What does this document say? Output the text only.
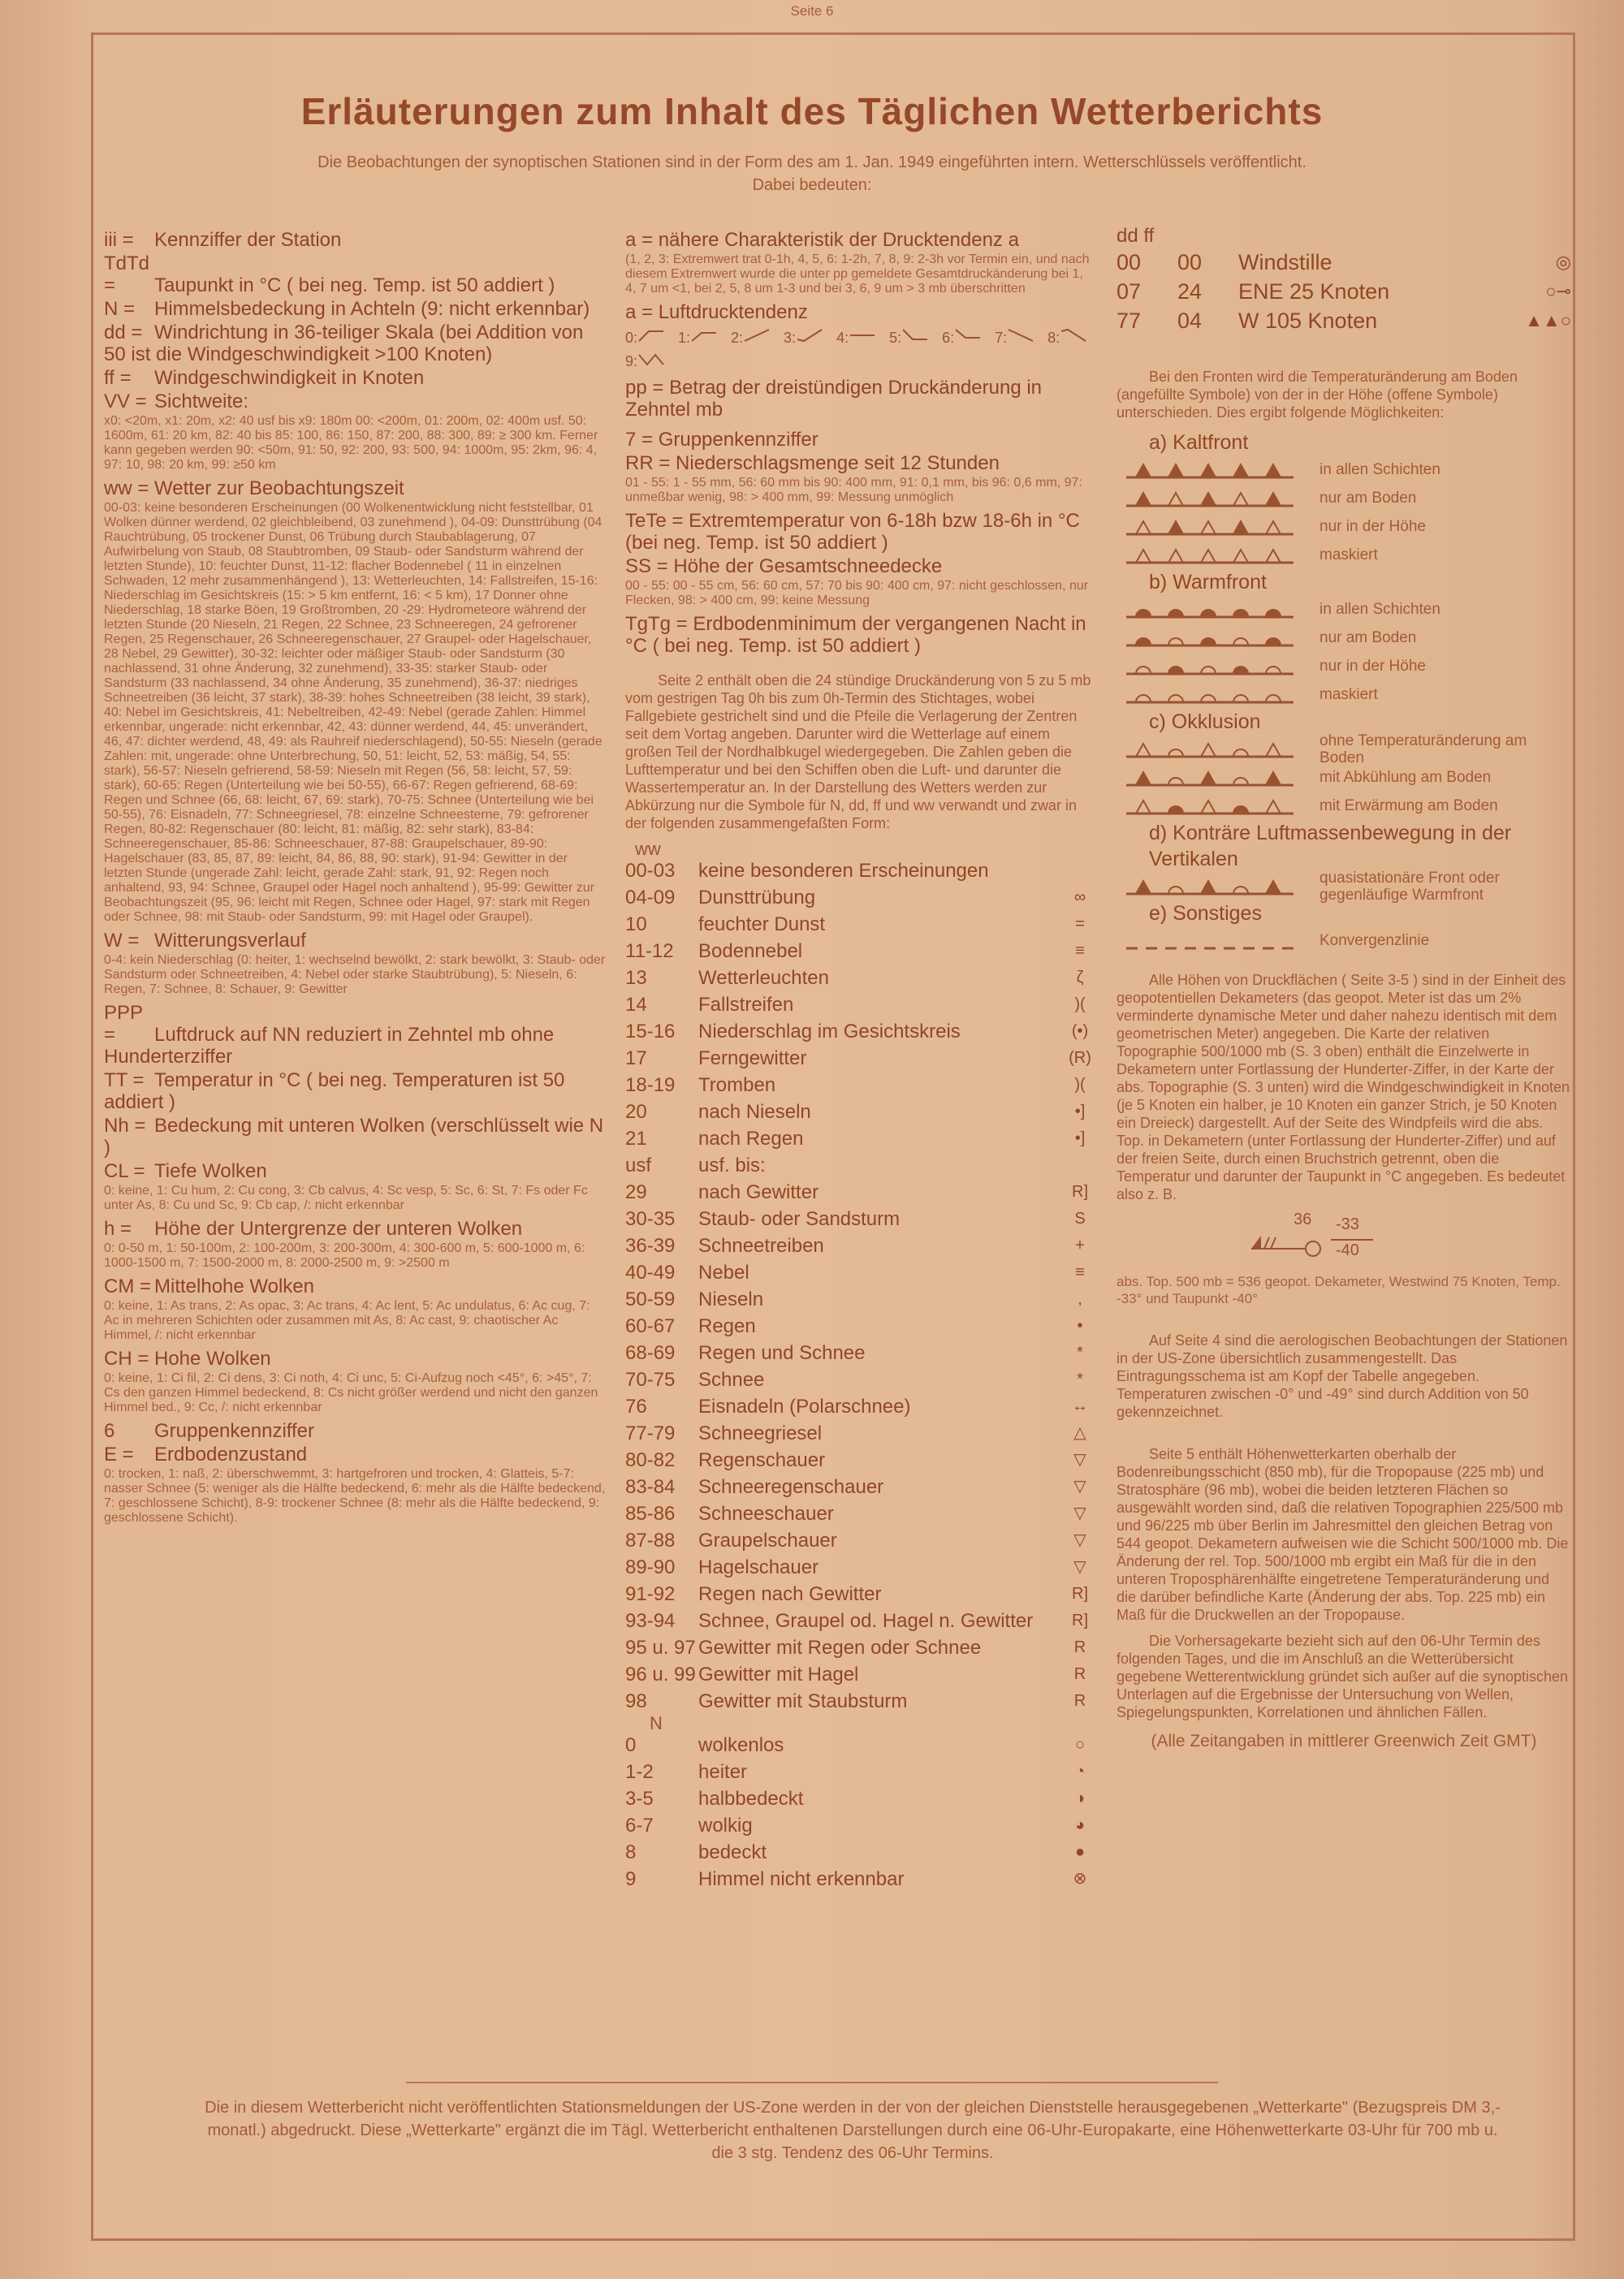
Seite 6
Erläuterungen zum Inhalt des Täglichen Wetterberichts
Die Beobachtungen der synoptischen Stationen sind in der Form des am 1. Jan. 1949 eingeführten intern. Wetterschlüssels veröffentlicht.
Dabei bedeuten:
iii = Kennziffer der Station
TdTd = Taupunkt in °C ( bei neg. Temp. ist 50 addiert )
N = Himmelsbedeckung in Achteln (9: nicht erkennbar)
dd = Windrichtung in 36-teiliger Skala (bei Addition von 50 ist die Windgeschwindigkeit >100 Knoten)
ff = Windgeschwindigkeit in Knoten
VV = Sichtweite:
x0: <20m, x1: 20m, x2: 40 usf bis x9: 180m 00: <200m, 01: 200m, 02: 400m usf. 50: 1600m, 61: 20 km, 82: 40 bis 85: 100, 86: 150, 87: 200, 88: 300, 89: ≥ 300 km. Ferner kann gegeben werden 90: <50m, 91: 50, 92: 200, 93: 500, 94: 1000m, 95: 2km, 96: 4, 97: 10, 98: 20 km, 99: ≥50 km
ww = Wetter zur Beobachtungszeit
00-03: keine besonderen Erscheinungen (00 Wolkenentwicklung nicht feststellbar, 01 Wolken dünner werdend, 02 gleichbleibend, 03 zunehmend ), 04-09: Dunsttrübung (04 Rauchtrübung, 05 trockener Dunst, 06 Trübung durch Staubablagerung, 07 Aufwirbelung von Staub, 08 Staubtromben, 09 Staub- oder Sandsturm während der letzten Stunde), 10: feuchter Dunst, 11-12: flacher Bodennebel ( 11 in einzelnen Schwaden, 12 mehr zusammenhängend ), 13: Wetterleuchten, 14: Fallstreifen, 15-16: Niederschlag im Gesichtskreis (15: > 5 km entfernt, 16: < 5 km), 17 Donner ohne Niederschlag, 18 starke Böen, 19 Großtromben, 20 -29: Hydrometeore während der letzten Stunde (20 Nieseln, 21 Regen, 22 Schnee, 23 Schneeregen, 24 gefrorener Regen, 25 Regenschauer, 26 Schneeregenschauer, 27 Graupel- oder Hagelschauer, 28 Nebel, 29 Gewitter), 30-32: leichter oder mäßiger Staub- oder Sandsturm (30 nachlassend, 31 ohne Änderung, 32 zunehmend), 33-35: starker Staub- oder Sandsturm (33 nachlassend, 34 ohne Änderung, 35 zunehmend), 36-37: niedriges Schneetreiben (36 leicht, 37 stark), 38-39: hohes Schneetreiben (38 leicht, 39 stark), 40: Nebel im Gesichtskreis, 41: Nebeltreiben, 42-49: Nebel (gerade Zahlen: Himmel erkennbar, ungerade: nicht erkennbar, 42, 43: dünner werdend, 44, 45: unverändert, 46, 47: dichter werdend, 48, 49: als Rauhreif niederschlagend), 50-55: Nieseln (gerade Zahlen: mit, ungerade: ohne Unterbrechung, 50, 51: leicht, 52, 53: mäßig, 54, 55: stark), 56-57: Nieseln gefrierend, 58-59: Nieseln mit Regen (56, 58: leicht, 57, 59: stark), 60-65: Regen (Unterteilung wie bei 50-55), 66-67: Regen gefrierend, 68-69: Regen und Schnee (66, 68: leicht, 67, 69: stark), 70-75: Schnee (Unterteilung wie bei 50-55), 76: Eisnadeln, 77: Schneegriesel, 78: einzelne Schneesterne, 79: gefrorener Regen, 80-82: Regenschauer (80: leicht, 81: mäßig, 82: sehr stark), 83-84: Schneeregenschauer, 85-86: Schneeschauer, 87-88: Graupelschauer, 89-90: Hagelschauer (83, 85, 87, 89: leicht, 84, 86, 88, 90: stark), 91-94: Gewitter in der letzten Stunde (ungerade Zahl: leicht, gerade Zahl: stark, 91, 92: Regen noch anhaltend, 93, 94: Schnee, Graupel oder Hagel noch anhaltend ), 95-99: Gewitter zur Beobachtungszeit (95, 96: leicht mit Regen, Schnee oder Hagel, 97: stark mit Regen oder Schnee, 98: mit Staub- oder Sandsturm, 99: mit Hagel oder Graupel).
W = Witterungsverlauf
0-4: kein Niederschlag (0: heiter, 1: wechselnd bewölkt, 2: stark bewölkt, 3: Staub- oder Sandsturm oder Schneetreiben, 4: Nebel oder starke Staubtrübung), 5: Nieseln, 6: Regen, 7: Schnee, 8: Schauer, 9: Gewitter
PPP = Luftdruck auf NN reduziert in Zehntel mb ohne Hunderterziffer
TT = Temperatur in °C ( bei neg. Temperaturen ist 50 addiert )
Nh = Bedeckung mit unteren Wolken (verschlüsselt wie N )
CL = Tiefe Wolken
0: keine, 1: Cu hum, 2: Cu cong, 3: Cb calvus, 4: Sc vesp, 5: Sc, 6: St, 7: Fs oder Fc unter As, 8: Cu und Sc, 9: Cb cap, /: nicht erkennbar
h = Höhe der Untergrenze der unteren Wolken
0: 0-50 m, 1: 50-100m, 2: 100-200m, 3: 200-300m, 4: 300-600 m, 5: 600-1000 m, 6: 1000-1500 m, 7: 1500-2000 m, 8: 2000-2500 m, 9: >2500 m
CM = Mittelhohe Wolken
0: keine, 1: As trans, 2: As opac, 3: Ac trans, 4: Ac lent, 5: Ac undulatus, 6: Ac cug, 7: Ac in mehreren Schichten oder zusammen mit As, 8: Ac cast, 9: chaotischer Ac Himmel, /: nicht erkennbar
CH = Hohe Wolken
0: keine, 1: Ci fil, 2: Ci dens, 3: Ci noth, 4: Ci unc, 5: Ci-Aufzug noch <45°, 6: >45°, 7: Cs den ganzen Himmel bedeckend, 8: Cs nicht größer werdend und nicht den ganzen Himmel bed., 9: Cc, /: nicht erkennbar
6 Gruppenkennziffer
E = Erdbodenzustand
0: trocken, 1: naß, 2: überschwemmt, 3: hartgefroren und trocken, 4: Glatteis, 5-7: nasser Schnee (5: weniger als die Hälfte bedeckend, 6: mehr als die Hälfte bedeckend, 7: geschlossene Schicht), 8-9: trockener Schnee (8: mehr als die Hälfte bedeckend, 9: geschlossene Schicht).
a = nähere Charakteristik der Drucktendenz a
(1, 2, 3: Extremwert trat 0-1h, 4, 5, 6: 1-2h, 7, 8, 9: 2-3h vor Termin ein, und nach diesem Extremwert wurde die unter pp gemeldete Gesamtdruckänderung bei 1, 4, 7 um <1, bei 2, 5, 8 um 1-3 und bei 3, 6, 9 um > 3 mb überschritten
a = Luftdrucktendenz
0:	1:	2:	3:	4:	5:	6:	7:	8:
9:
pp = Betrag der dreistündigen Druckänderung in Zehntel mb
7 = Gruppenkennziffer
RR = Niederschlagsmenge seit 12 Stunden
01 - 55: 1 - 55 mm, 56: 60 mm bis 90: 400 mm, 91: 0,1 mm, bis 96: 0,6 mm, 97: unmeßbar wenig, 98: > 400 mm, 99: Messung unmöglich
TeTe = Extremtemperatur von 6-18h bzw 18-6h in °C (bei neg. Temp. ist 50 addiert )
SS = Höhe der Gesamtschneedecke
00 - 55: 00 - 55 cm, 56: 60 cm, 57: 70 bis 90: 400 cm, 97: nicht geschlossen, nur Flecken, 98: > 400 cm, 99: keine Messung
TgTg = Erdbodenminimum der vergangenen Nacht in °C ( bei neg. Temp. ist 50 addiert )
Seite 2 enthält oben die 24 stündige Druckänderung von 5 zu 5 mb vom gestrigen Tag 0h bis zum 0h-Termin des Stichtages, wobei Fallgebiete gestrichelt sind und die Pfeile die Verlagerung der Zentren seit dem Vortag angeben. Darunter wird die Wetterlage auf einem großen Teil der Nordhalbkugel wiedergegeben. Die Zahlen geben die Lufttemperatur und bei den Schiffen oben die Luft- und darunter die Wassertemperatur an. In der Darstellung des Wetters werden zur Abkürzung nur die Symbole für N, dd, ff und ww verwandt und zwar in der folgenden zusammengefaßten Form:
ww
00-03	keine besonderen Erscheinungen
04-09	Dunsttrübung	∞
10	feuchter Dunst	=
11-12	Bodennebel	≡
13	Wetterleuchten	ζ
14	Fallstreifen	)(
15-16	Niederschlag im Gesichtskreis	(•)
17	Ferngewitter	(R)
18-19	Tromben	)(
20	nach Nieseln	•]
21	nach Regen	•]
usf	usf. bis:
29	nach Gewitter	R]
30-35	Staub- oder Sandsturm	S
36-39	Schneetreiben	+
40-49	Nebel	≡
50-59	Nieseln	,
60-67	Regen	•
68-69	Regen und Schnee	*
70-75	Schnee	*
76	Eisnadeln (Polarschnee)	↔
77-79	Schneegriesel	△
80-82	Regenschauer	▽
83-84	Schneeregenschauer	▽
85-86	Schneeschauer	▽
87-88	Graupelschauer	▽
89-90	Hagelschauer	▽
91-92	Regen nach Gewitter	R]
93-94	Schnee, Graupel od. Hagel n. Gewitter	R]
95 u. 97 Gewitter mit Regen oder Schnee	R
96 u. 99 Gewitter mit Hagel	R
98	Gewitter mit Staubsturm	R
N
0	wolkenlos	○
1-2	heiter	◔
3-5	halbbedeckt	◑
6-7	wolkig	◕
8	bedeckt	●
9	Himmel nicht erkennbar	⊗
dd ff
00	00	Windstille	◎
07	24	ENE 25 Knoten	○⊸
77	04	W 105 Knoten	▲▲○
Bei den Fronten wird die Temperaturänderung am Boden (angefüllte Symbole) von der in der Höhe (offene Symbole) unterschieden. Dies ergibt folgende Möglichkeiten:
a) Kaltfront
in allen Schichten
nur am Boden
nur in der Höhe
maskiert
b) Warmfront
in allen Schichten
nur am Boden
nur in der Höhe
maskiert
c) Okklusion
ohne Temperaturänderung am Boden
mit Abkühlung am Boden
mit Erwärmung am Boden
d) Konträre Luftmassenbewegung in der Vertikalen
quasistationäre Front oder gegenläufige Warmfront
e) Sonstiges
Konvergenzlinie
Alle Höhen von Druckflächen ( Seite 3-5 ) sind in der Einheit des geopotentiellen Dekameters (das geopot. Meter ist das um 2% verminderte dynamische Meter und daher nahezu identisch mit dem geometrischen Meter) angegeben. Die Karte der relativen Topographie 500/1000 mb (S. 3 oben) enthält die Einzelwerte in Dekametern unter Fortlassung der Hunderter-Ziffer, in der Karte der abs. Topographie (S. 3 unten) wird die Windgeschwindigkeit in Knoten (je 5 Knoten ein halber, je 10 Knoten ein ganzer Strich, je 50 Knoten ein Dreieck) dargestellt. Auf der Seite des Windpfeils wird die abs. Top. in Dekametern (unter Fortlassung der Hunderter-Ziffer) und auf der freien Seite, durch einen Bruchstrich getrennt, oben die Temperatur und darunter der Taupunkt in °C angegeben. Es bedeutet also z. B.
36 -33
-40
abs. Top. 500 mb = 536 geopot. Dekameter, Westwind 75 Knoten, Temp. -33° und Taupunkt -40°
Auf Seite 4 sind die aerologischen Beobachtungen der Stationen in der US-Zone übersichtlich zusammengestellt. Das Eintragungsschema ist am Kopf der Tabelle angegeben. Temperaturen zwischen -0° und -49° sind durch Addition von 50 gekennzeichnet.
Seite 5 enthält Höhenwetterkarten oberhalb der Bodenreibungsschicht (850 mb), für die Tropopause (225 mb) und Stratosphäre (96 mb), wobei die beiden letzteren Flächen so ausgewählt worden sind, daß die relativen Topographien 225/500 mb und 96/225 mb über Berlin im Jahresmittel den gleichen Betrag von 544 geopot. Dekametern aufweisen wie die Schicht 500/1000 mb. Die Änderung der rel. Top. 500/1000 mb ergibt ein Maß für die in den unteren Troposphärenhälfte eingetretene Temperaturänderung und die darüber befindliche Karte (Änderung der abs. Top. 225 mb) ein Maß für die Druckwellen an der Tropopause.
Die Vorhersagekarte bezieht sich auf den 06-Uhr Termin des folgenden Tages, und die im Anschluß an die Wetterübersicht gegebene Wetterentwicklung gründet sich außer auf die synoptischen Unterlagen auf die Ergebnisse der Untersuchung von Wellen, Spiegelungspunkten, Korrelationen und ähnlichen Fällen.
(Alle Zeitangaben in mittlerer Greenwich Zeit GMT)
Die in diesem Wetterbericht nicht veröffentlichten Stationsmeldungen der US-Zone werden in der von der gleichen Dienststelle herausgegebenen „Wetterkarte" (Bezugspreis DM 3,-monatl.) abgedruckt. Diese „Wetterkarte" ergänzt die im Tägl. Wetterbericht enthaltenen Darstellungen durch eine 06-Uhr-Europakarte, eine Höhenwetterkarte 03-Uhr für 700 mb u. die 3 stg. Tendenz des 06-Uhr Termins.
